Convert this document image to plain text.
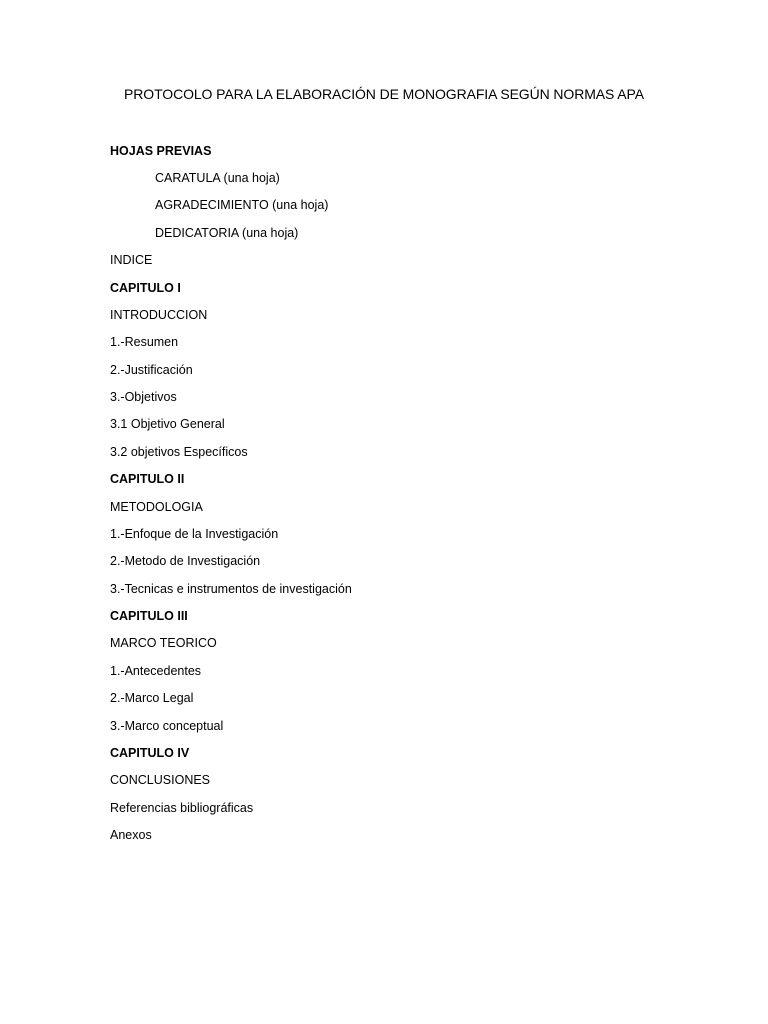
PROTOCOLO PARA LA ELABORACIÓN DE MONOGRAFIA SEGÚN NORMAS APA
HOJAS PREVIAS
CARATULA (una hoja)
AGRADECIMIENTO (una hoja)
DEDICATORIA (una hoja)
INDICE
CAPITULO I
INTRODUCCION
1.-Resumen
2.-Justificación
3.-Objetivos
3.1 Objetivo General
3.2 objetivos Específicos
CAPITULO II
METODOLOGIA
1.-Enfoque de la Investigación
2.-Metodo de Investigación
3.-Tecnicas e instrumentos de investigación
CAPITULO III
MARCO TEORICO
1.-Antecedentes
2.-Marco Legal
3.-Marco conceptual
CAPITULO IV
CONCLUSIONES
Referencias bibliográficas
Anexos
